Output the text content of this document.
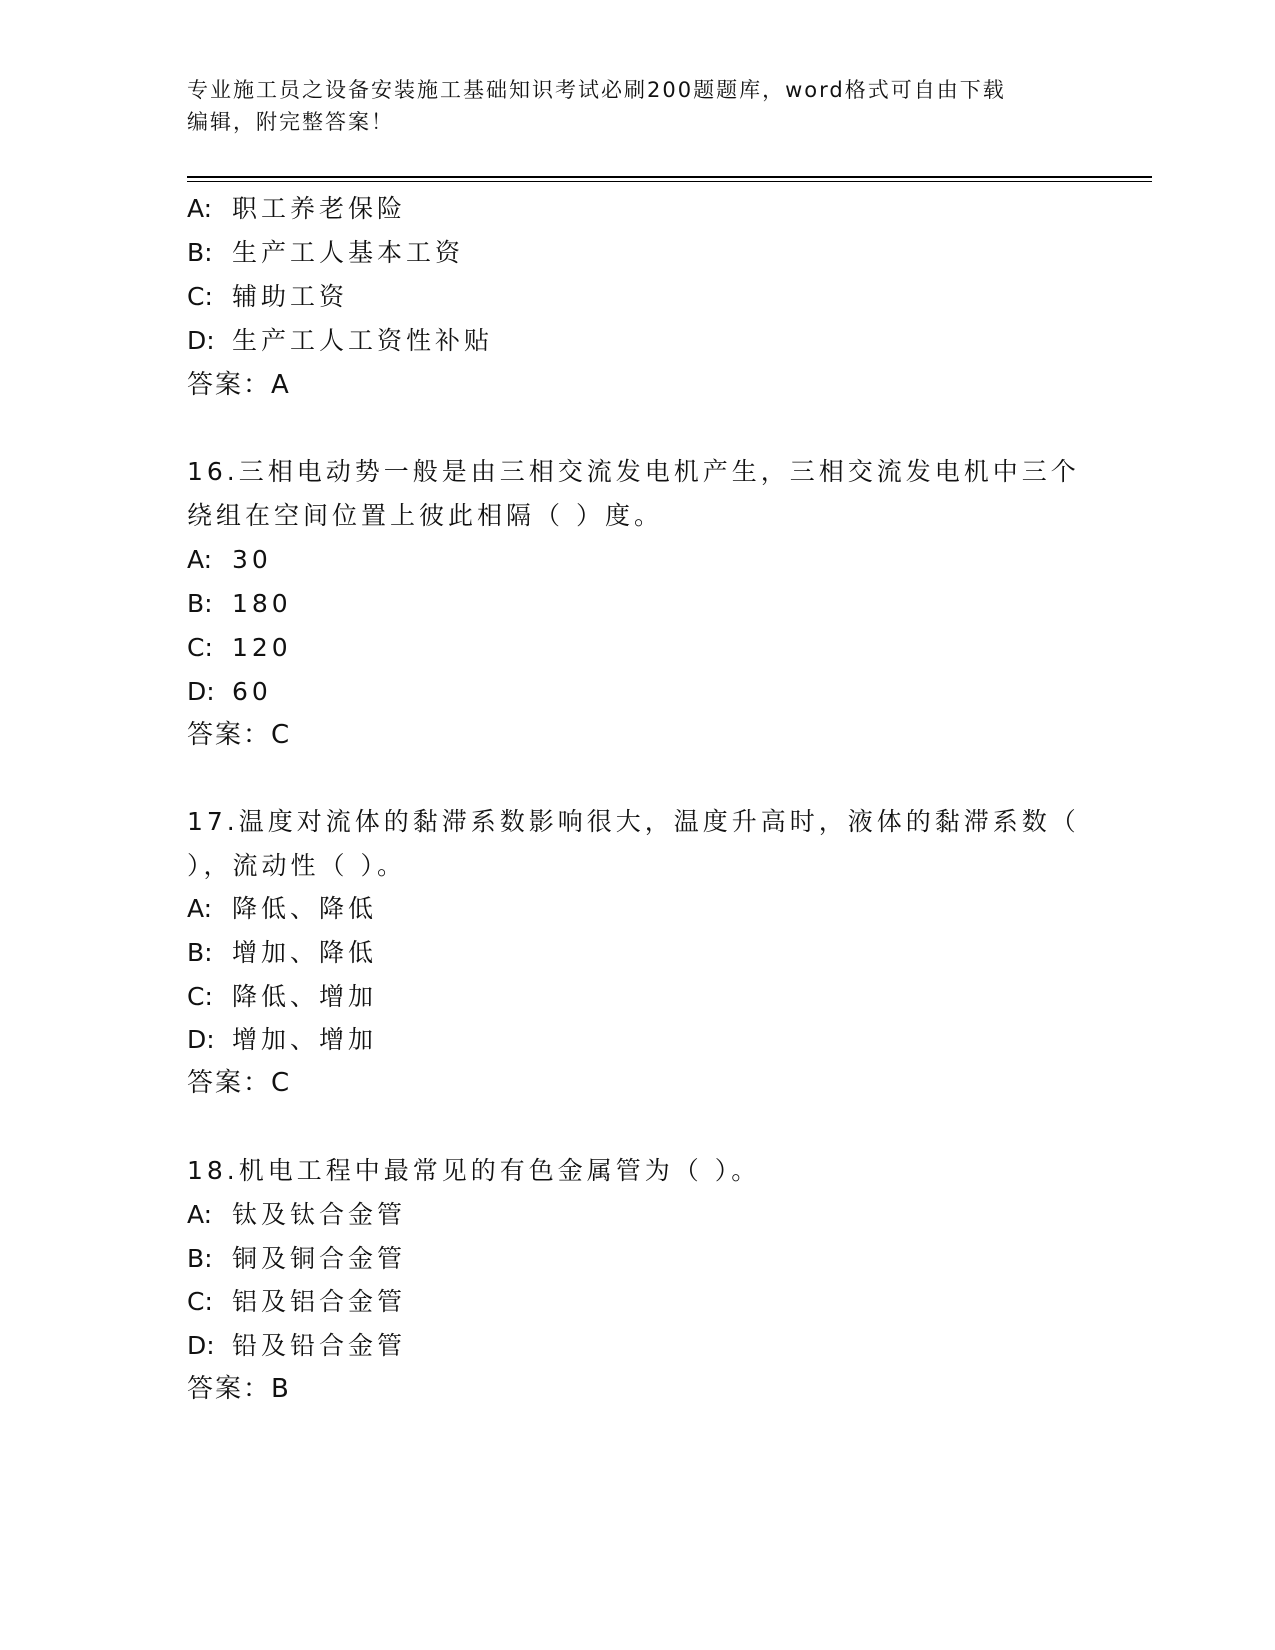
专业施工员之设备安装施工基础知识考试必刷200题题库，word格式可自由下载
编辑，附完整答案！
A: 职工养老保险
B: 生产工人基本工资
C: 辅助工资
D: 生产工人工资性补贴
答案：A
16.三相电动势一般是由三相交流发电机产生，三相交流发电机中三个
绕组在空间位置上彼此相隔（ ）度。
A: 30
B: 180
C: 120
D: 60
答案：C
17.温度对流体的黏滞系数影响很大，温度升高时，液体的黏滞系数（
），流动性（ ）。
A: 降低、降低
B: 增加、降低
C: 降低、增加
D: 增加、增加
答案：C
18.机电工程中最常见的有色金属管为（ ）。
A: 钛及钛合金管
B: 铜及铜合金管
C: 铝及铝合金管
D: 铅及铅合金管
答案：B
